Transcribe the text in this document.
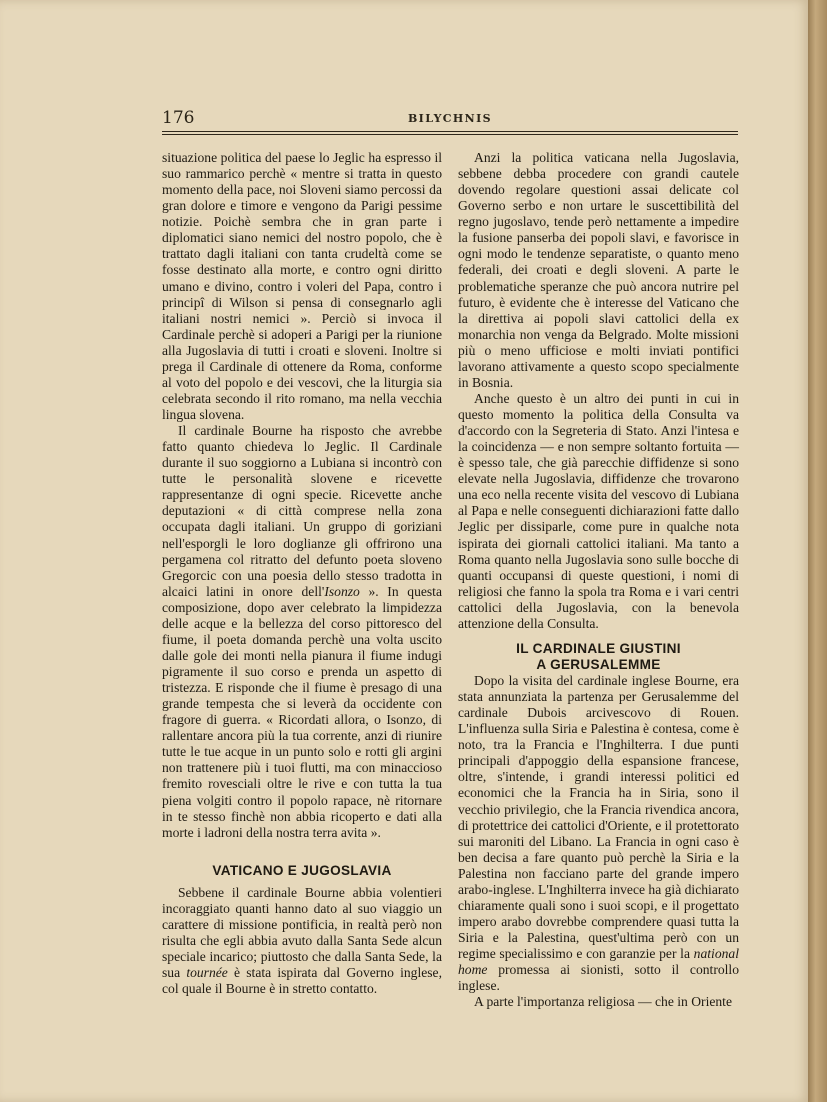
176	BILYCHNIS

situazione politica del paese lo Jeglic ha espresso il suo rammarico perchè « mentre si tratta in questo momento della pace, noi Sloveni siamo percossi da gran dolore e timore e vengono da Parigi pessime notizie. Poichè sembra che in gran parte i diplomatici siano nemici del nostro popolo, che è trattato dagli italiani con tanta crudeltà come se fosse destinato alla morte, e contro ogni diritto umano e divino, contro i voleri del Papa, contro i principî di Wilson si pensa di consegnarlo agli italiani nostri nemici ». Perciò si invoca il Cardinale perchè si adoperi a Parigi per la riunione alla Jugoslavia di tutti i croati e sloveni. Inoltre si prega il Cardinale di ottenere da Roma, conforme al voto del popolo e dei vescovi, che la liturgia sia celebrata secondo il rito romano, ma nella vecchia lingua slovena.

Il cardinale Bourne ha risposto che avrebbe fatto quanto chiedeva lo Jeglic. Il Cardinale durante il suo soggiorno a Lubiana si incontrò con tutte le personalità slovene e ricevette rappresentanze di ogni specie. Ricevette anche deputazioni « di città comprese nella zona occupata dagli italiani. Un gruppo di goriziani nell'esporgli le loro doglianze gli offrirono una pergamena col ritratto del defunto poeta sloveno Gregorcic con una poesia dello stesso tradotta in alcaici latini in onore dell'Isonzo ». In questa composizione, dopo aver celebrato la limpidezza delle acque e la bellezza del corso pittoresco del fiume, il poeta domanda perchè una volta uscito dalle gole dei monti nella pianura il fiume indugi pigramente il suo corso e prenda un aspetto di tristezza. E risponde che il fiume è presago di una grande tempesta che si leverà da occidente con fragore di guerra. « Ricordati allora, o Isonzo, di rallentare ancora più la tua corrente, anzi di riunire tutte le tue acque in un punto solo e rotti gli argini non trattenere più i tuoi flutti, ma con minaccioso fremito rovesciali oltre le rive e con tutta la tua piena volgiti contro il popolo rapace, nè ritornare in te stesso finchè non abbia ricoperto e dati alla morte i ladroni della nostra terra avita ».

VATICANO E JUGOSLAVIA

Sebbene il cardinale Bourne abbia volentieri incoraggiato quanti hanno dato al suo viaggio un carattere di missione pontificia, in realtà però non risulta che egli abbia avuto dalla Santa Sede alcun speciale incarico; piuttosto che dalla Santa Sede, la sua tournée è stata ispirata dal Governo inglese, col quale il Bourne è in stretto contatto.

Anzi la politica vaticana nella Jugoslavia, sebbene debba procedere con grandi cautele dovendo regolare questioni assai delicate col Governo serbo e non urtare le suscettibilità del regno jugoslavo, tende però nettamente a impedire la fusione panserba dei popoli slavi, e favorisce in ogni modo le tendenze separatiste, o quanto meno federali, dei croati e degli sloveni. A parte le problematiche speranze che può ancora nutrire pel futuro, è evidente che è interesse del Vaticano che la direttiva ai popoli slavi cattolici della ex monarchia non venga da Belgrado. Molte missioni più o meno ufficiose e molti inviati pontifici lavorano attivamente a questo scopo specialmente in Bosnia.

Anche questo è un altro dei punti in cui in questo momento la politica della Consulta va d'accordo con la Segreteria di Stato. Anzi l'intesa e la coincidenza — e non sempre soltanto fortuita — è spesso tale, che già parecchie diffidenze si sono elevate nella Jugoslavia, diffidenze che trovarono una eco nella recente visita del vescovo di Lubiana al Papa e nelle conseguenti dichiarazioni fatte dallo Jeglic per dissiparle, come pure in qualche nota ispirata dei giornali cattolici italiani. Ma tanto a Roma quanto nella Jugoslavia sono sulle bocche di quanti occupansi di queste questioni, i nomi di religiosi che fanno la spola tra Roma e i vari centri cattolici della Jugoslavia, con la benevola attenzione della Consulta.

IL CARDINALE GIUSTINI
A GERUSALEMME

Dopo la visita del cardinale inglese Bourne, era stata annunziata la partenza per Gerusalemme del cardinale Dubois arcivescovo di Rouen. L'influenza sulla Siria e Palestina è contesa, come è noto, tra la Francia e l'Inghilterra. I due punti principali d'appoggio della espansione francese, oltre, s'intende, i grandi interessi politici ed economici che la Francia ha in Siria, sono il vecchio privilegio, che la Francia rivendica ancora, di protettrice dei cattolici d'Oriente, e il protettorato sui maroniti del Libano. La Francia in ogni caso è ben decisa a fare quanto può perchè la Siria e la Palestina non facciano parte del grande impero arabo-inglese. L'Inghilterra invece ha già dichiarato chiaramente quali sono i suoi scopi, e il progettato impero arabo dovrebbe comprendere quasi tutta la Siria e la Palestina, quest'ultima però con un regime specialissimo e con garanzie per la national home promessa ai sionisti, sotto il controllo inglese.

A parte l'importanza religiosa — che in Oriente
